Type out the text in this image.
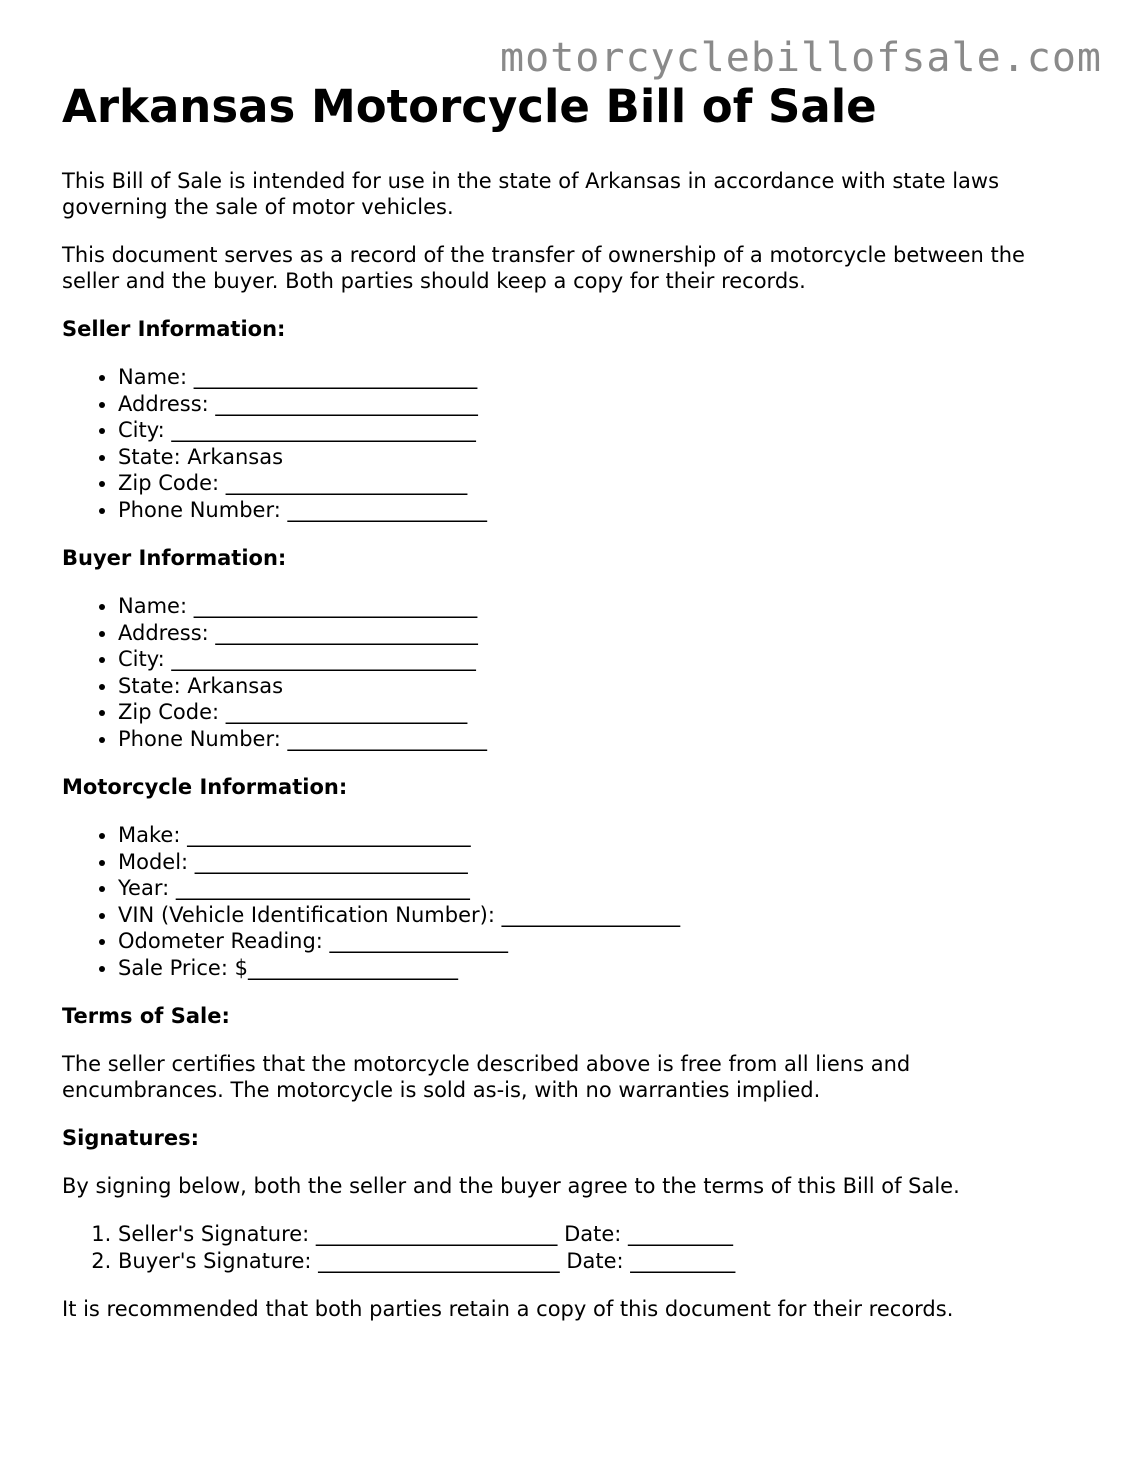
motorcyclebillofsale.com
Arkansas Motorcycle Bill of Sale

This Bill of Sale is intended for use in the state of Arkansas in accordance with state laws governing the sale of motor vehicles.

This document serves as a record of the transfer of ownership of a motorcycle between the seller and the buyer. Both parties should keep a copy for their records.

Seller Information:
• Name: ___________________________
• Address: _________________________
• City: _____________________________
• State: Arkansas
• Zip Code: _______________________
• Phone Number: ___________________
Buyer Information:
• Name: ___________________________
• Address: _________________________
• City: _____________________________
• State: Arkansas
• Zip Code: _______________________
• Phone Number: ___________________
Motorcycle Information:
• Make: ___________________________
• Model: __________________________
• Year: ____________________________
• VIN (Vehicle Identification Number): _________________
• Odometer Reading: _________________
• Sale Price: $____________________
Terms of Sale:

The seller certifies that the motorcycle described above is free from all liens and encumbrances. The motorcycle is sold as-is, with no warranties implied.

Signatures:

By signing below, both the seller and the buyer agree to the terms of this Bill of Sale.

1. Seller's Signature: _______________________ Date: __________
2. Buyer's Signature: _______________________ Date: __________

It is recommended that both parties retain a copy of this document for their records.
